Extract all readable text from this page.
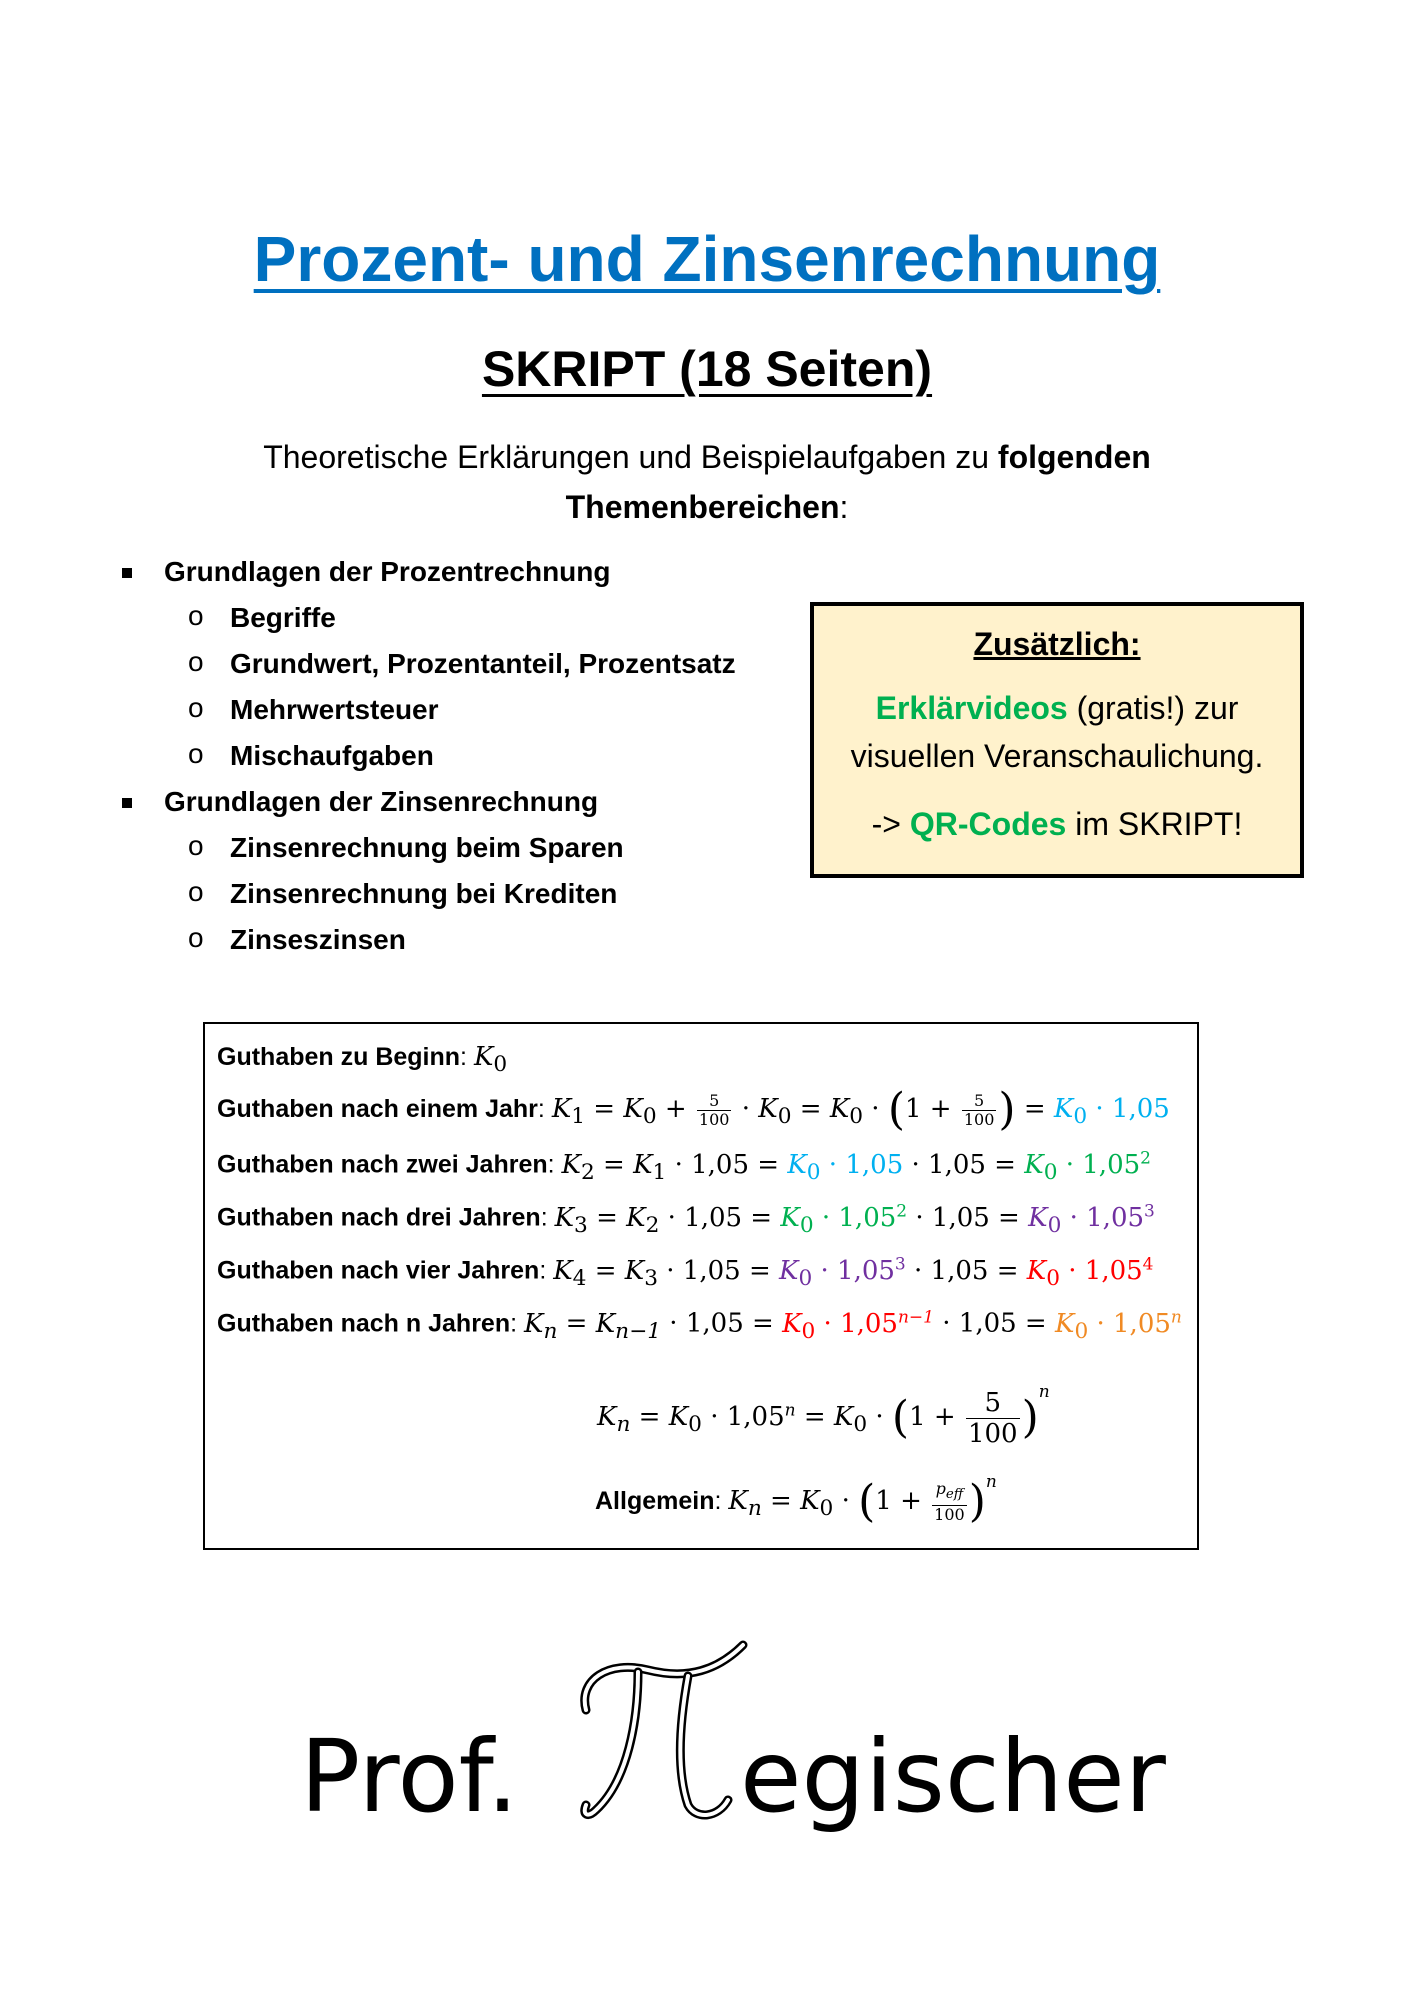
Prozent- und Zinsenrechnung
SKRIPT (18 Seiten)
Theoretische Erklärungen und Beispielaufgaben zu folgenden
Themenbereichen:
Grundlagen der Prozentrechnung
o Begriffe
o Grundwert, Prozentanteil, Prozentsatz
o Mehrwertsteuer
o Mischaufgaben
Grundlagen der Zinsenrechnung
o Zinsenrechnung beim Sparen
o Zinsenrechnung bei Krediten
o Zinseszinsen
Zusätzlich:
Erklärvideos (gratis!) zur
visuellen Veranschaulichung.
-> QR-Codes im SKRIPT!
Guthaben zu Beginn: $K_0$
Guthaben nach einem Jahr: $K_1 = K_0 + \frac{5}{100} \cdot K_0 = K_0 \cdot (1 + \frac{5}{100}$ ) = $K_0 \cdot 1,05$
Guthaben nach zwei Jahren: $K_2 = K_1 \cdot 1,05 = K_0 \cdot 1,05 \cdot 1,05 = K_0 \cdot 1,05^2$
Guthaben nach drei Jahren: $K_3 = K_2 \cdot 1,05 = K_0 \cdot 1,05^2 \cdot 1,05 = K_0 \cdot 1,05^3$
Guthaben nach vier Jahren: $K_4 = K_3 \cdot 1,05 = K_0 \cdot 1,05^3 \cdot 1,05 = K_0 \cdot 1,05^4$
Guthaben nach n Jahren: $K_n = K_{n-1} \cdot 1,05 = K_0 \cdot 1,05^{n-1} \cdot 1,05 = K_0 \cdot 1,05^n$
$K_n = K_0 \cdot 1,05^n = K_0 \cdot (1 + \frac{5}{100} )^n$
Allgemein: $K_n = K_0 \cdot (1 + \frac{p_{eff}}{100} )^n$
Prof. egischer
